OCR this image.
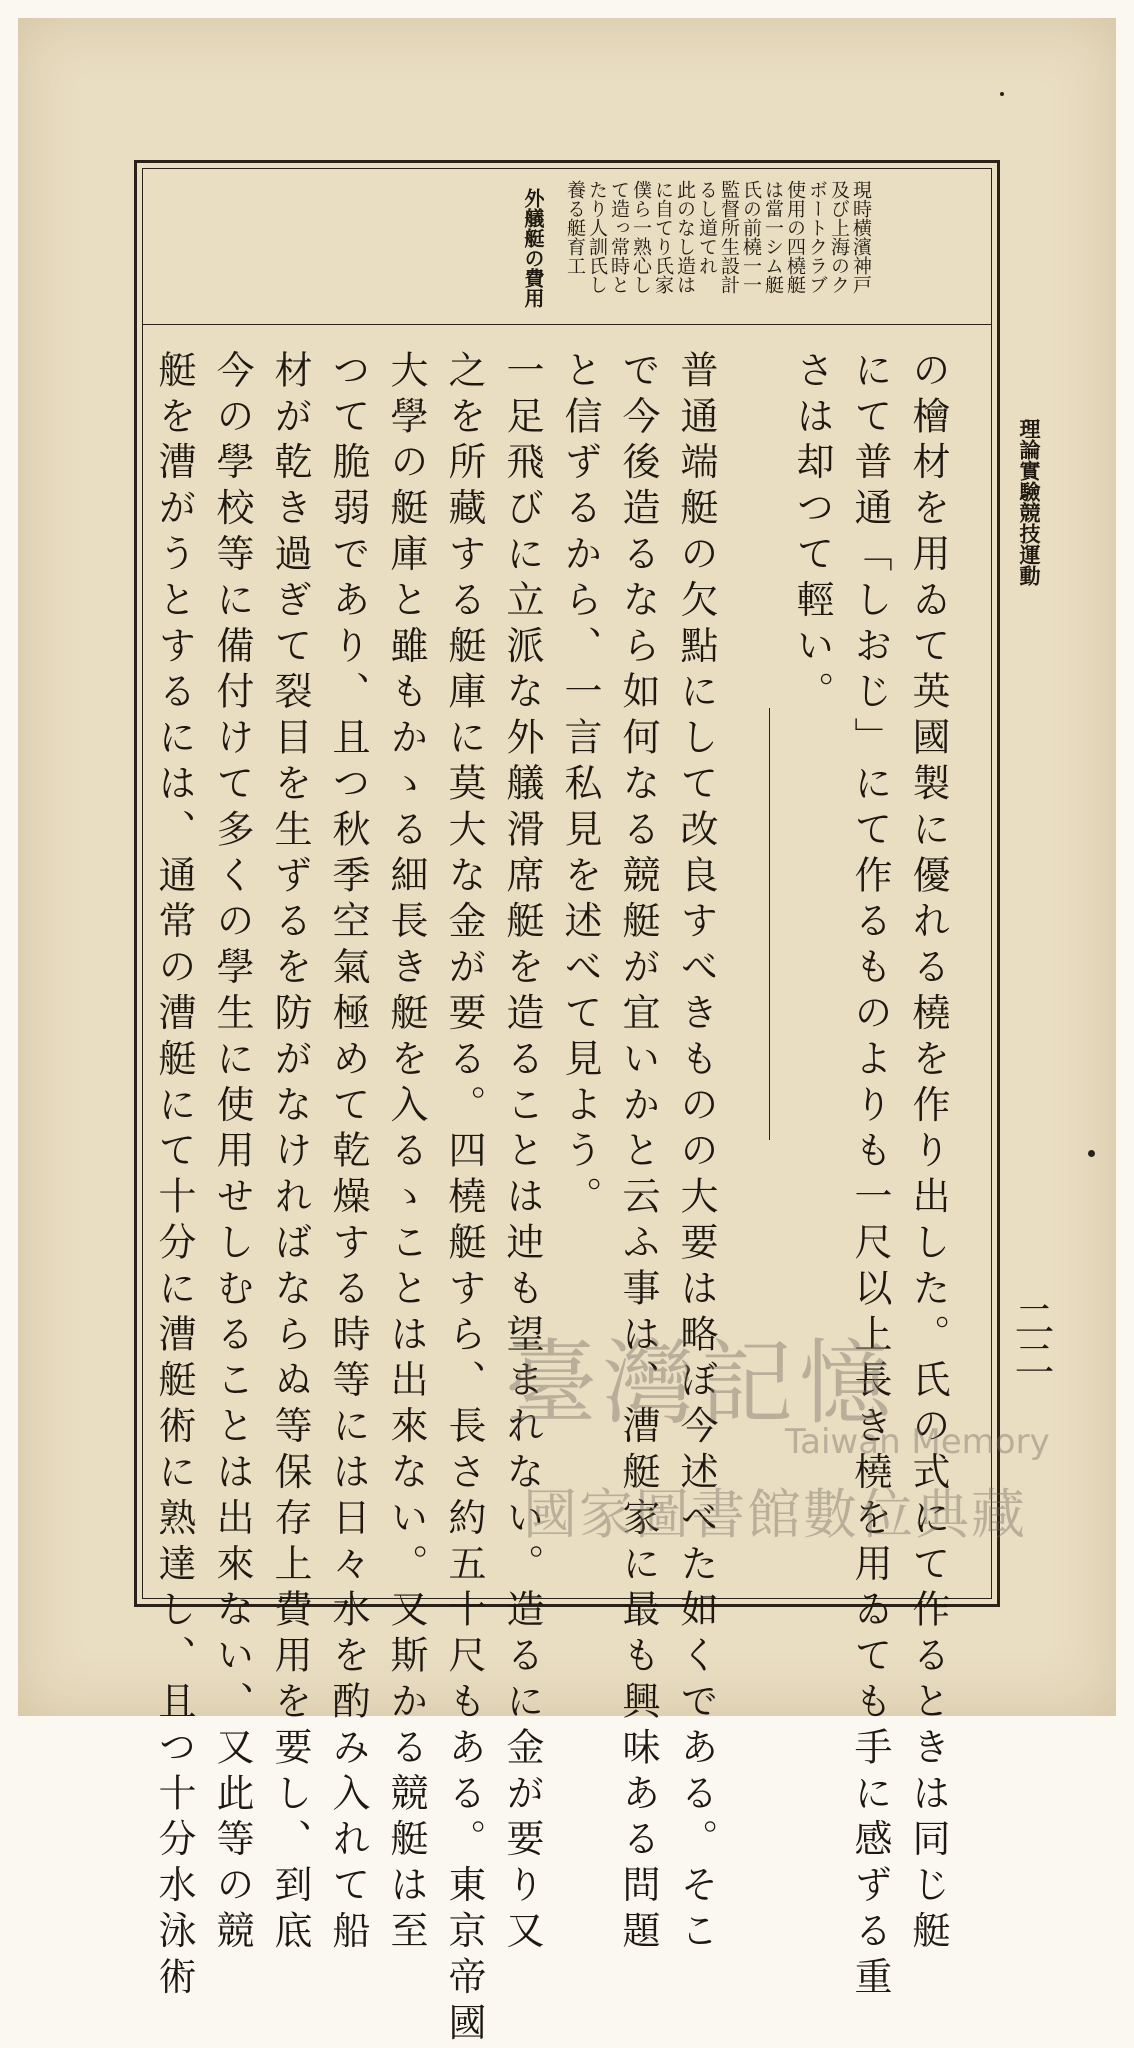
理論實驗競技運動
二二
外艤艇の費用	現時横濱神戸
及び上海のク
ボートクラブ
使用の四橈艇
は當一シム艇
氏の前橈一一
監督所生設計
るし道てれ
此のなし造は
に自てり氏家
僕ら一熟心し
て造っ常時と
たり人訓氏し
養る艇育工
の檜材を用ゐて英國製に優れる橈を作り出した。氏の式にて作るときは同じ艇
にて普通「しおじ」にて作るものよりも一尺以上長き橈を用ゐても手に感ずる重
さは却つて輕い。
普通端艇の欠點にして改良すべきものの大要は略ぼ今述べた如くである。そこ
で今後造るなら如何なる競艇が宜いかと云ふ事は、漕艇家に最も興味ある問題
と信ずるから、一言私見を述べて見よう。
一足飛びに立派な外艤滑席艇を造ることは迚も望まれない。造るに金が要り又
之を所藏する艇庫に莫大な金が要る。四橈艇すら、長さ約五十尺もある。東京帝國
大學の艇庫と雖もかゝる細長き艇を入るゝことは出來ない。又斯かる競艇は至
つて脆弱であり、且つ秋季空氣極めて乾燥する時等には日々水を酌み入れて船
材が乾き過ぎて裂目を生ずるを防がなければならぬ等保存上費用を要し、到底
今の學校等に備付けて多くの學生に使用せしむることは出來ない、又此等の競
艇を漕がうとするには、通常の漕艇にて十分に漕艇術に熟達し、且つ十分水泳術	臺灣記憶
Taiwan Memory
國家圖書館數位典藏
